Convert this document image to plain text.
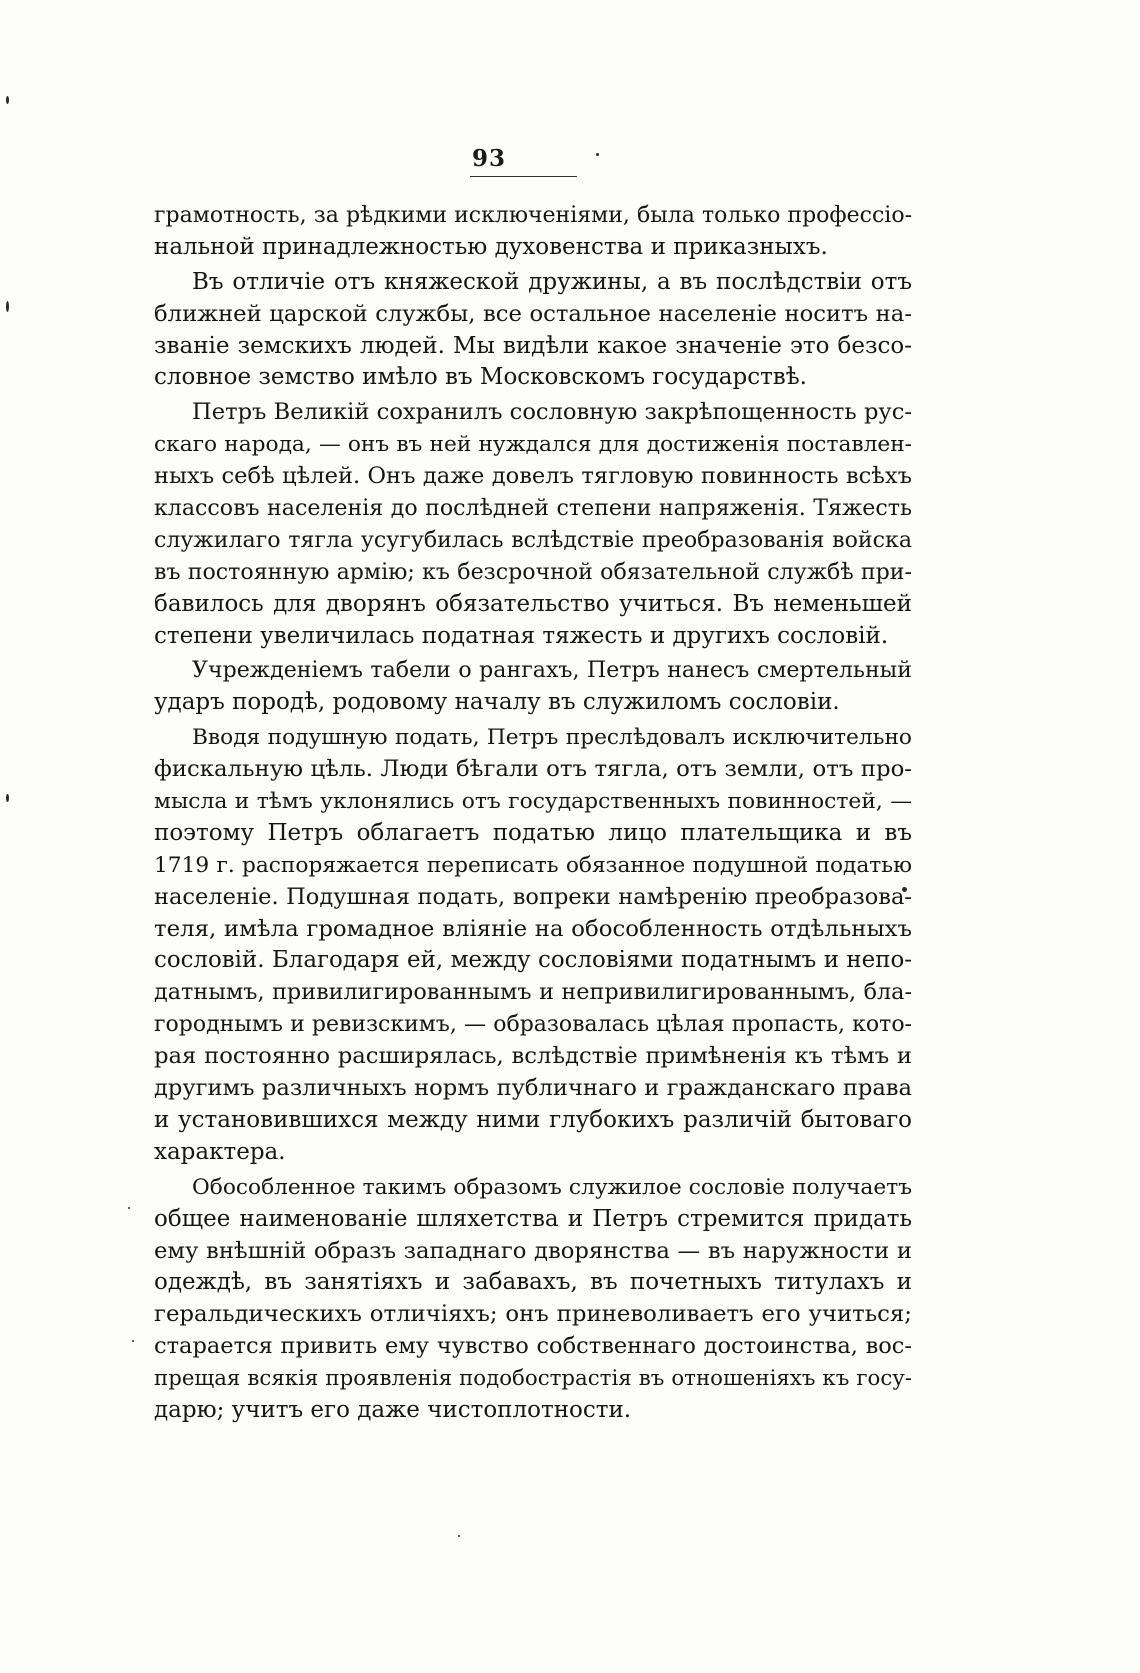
93
грамотность, за рѣдкими исключеніями, была только профессіо-
нальной принадлежностью духовенства и приказныхъ.
Въ отличіе отъ княжеской дружины, а въ послѣдствіи отъ
ближней царской службы, все остальное населеніе носитъ на-
званіе земскихъ людей. Мы видѣли какое значеніе это безсо-
словное земство имѣло въ Московскомъ государствѣ.
Петръ Великій сохранилъ сословную закрѣпощенность рус-
скаго народа, — онъ въ ней нуждался для достиженія поставлен-
ныхъ себѣ цѣлей. Онъ даже довелъ тягловую повинность всѣхъ
классовъ населенія до послѣдней степени напряженія. Тяжесть
служилаго тягла усугубилась вслѣдствіе преобразованія войска
въ постоянную армію; къ безсрочной обязательной службѣ при-
бавилось для дворянъ обязательство учиться. Въ неменьшей
степени увеличилась податная тяжесть и другихъ сословій.
Учрежденіемъ табели о рангахъ, Петръ нанесъ смертельный
ударъ породѣ, родовому началу въ служиломъ сословіи.
Вводя подушную подать, Петръ преслѣдовалъ исключительно
фискальную цѣль. Люди бѣгали отъ тягла, отъ земли, отъ про-
мысла и тѣмъ уклонялись отъ государственныхъ повинностей, —
поэтому Петръ облагаетъ податью лицо плательщика и въ
1719 г. распоряжается переписать обязанное подушной податью
населеніе. Подушная подать, вопреки намѣренію преобразова-
теля, имѣла громадное вліяніе на обособленность отдѣльныхъ
сословій. Благодаря ей, между сословіями податнымъ и непо-
датнымъ, привилигированнымъ и непривилигированнымъ, бла-
городнымъ и ревизскимъ, — образовалась цѣлая пропасть, кото-
рая постоянно расширялась, вслѣдствіе примѣненія къ тѣмъ и
другимъ различныхъ нормъ публичнаго и гражданскаго права
и установившихся между ними глубокихъ различій бытоваго
характера.
Обособленное такимъ образомъ служилое сословіе получаетъ
общее наименованіе шляхетства и Петръ стремится придать
ему внѣшній образъ западнаго дворянства — въ наружности и
одеждѣ, въ занятіяхъ и забавахъ, въ почетныхъ титулахъ и
геральдическихъ отличіяхъ; онъ приневоливаетъ его учиться;
старается привить ему чувство собственнаго достоинства, вос-
прещая всякія проявленія подобострастія въ отношеніяхъ къ госу-
дарю; учитъ его даже чистоплотности.
